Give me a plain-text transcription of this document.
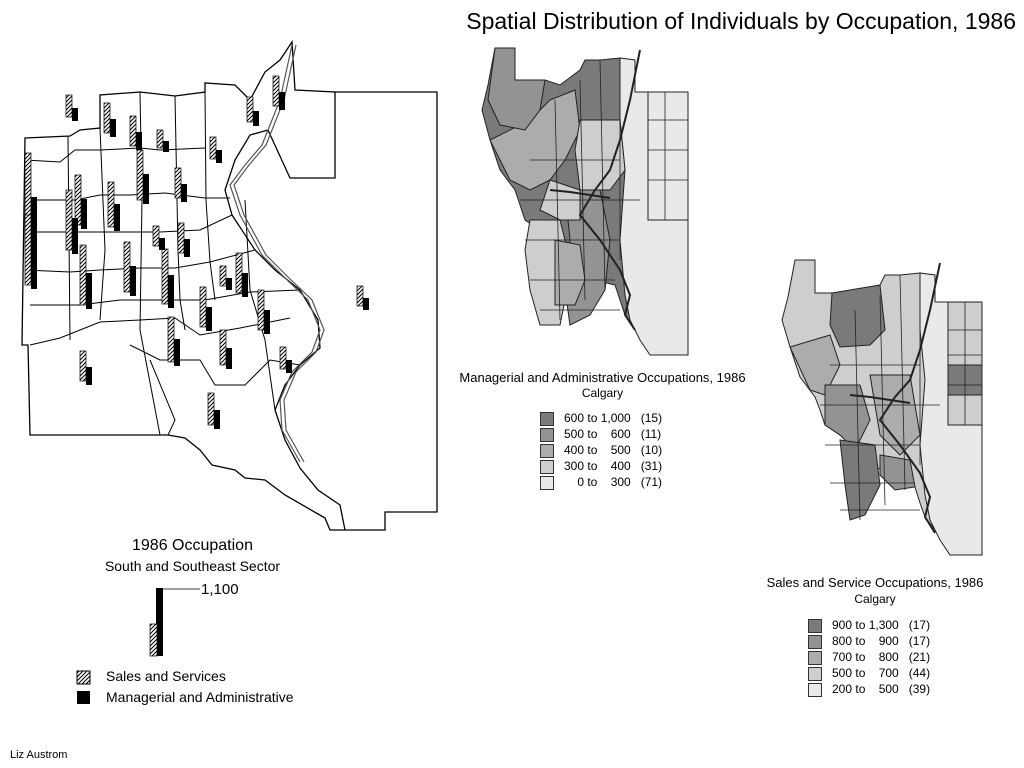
Spatial Distribution of Individuals by Occupation, 1986
1986 Occupation
South and Southeast Sector
1,100
Sales and Services
Managerial and Administrative
Managerial and Administrative Occupations, 1986
Calgary
600 to 1,000   (15)
500 to    600   (11)
400 to    500   (10)
300 to    400   (31)
0 to    300   (71)
Sales and Service Occupations, 1986
Calgary
900 to 1,300   (17)
800 to    900   (17)
700 to    800   (21)
500 to    700   (44)
200 to    500   (39)
Liz Austrom
